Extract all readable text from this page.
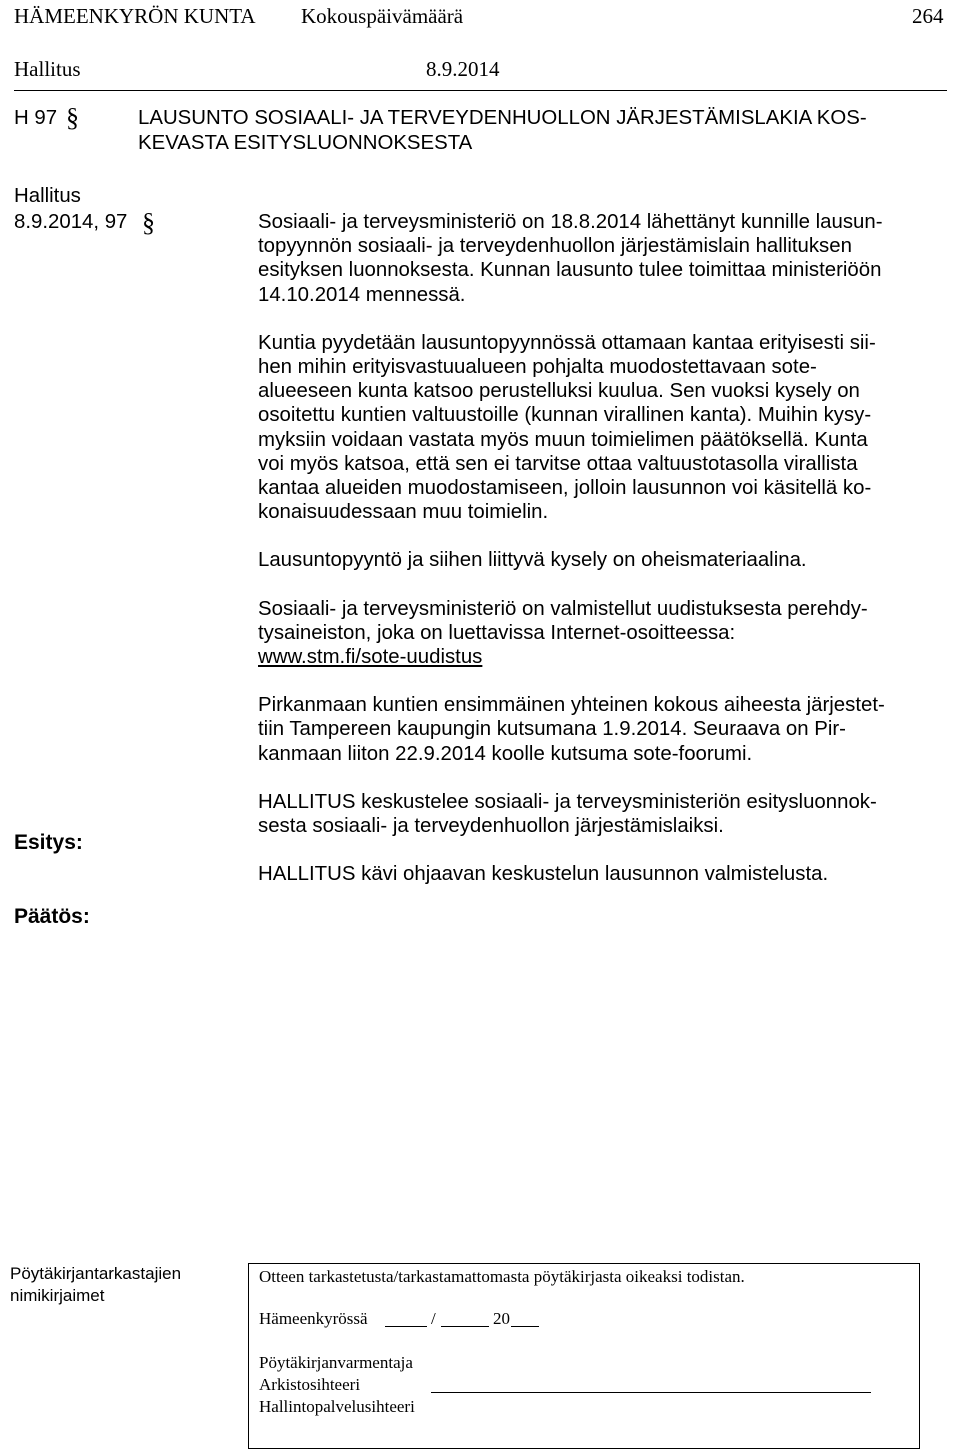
HÄMEENKYRÖN KUNTA Kokouspäivämäärä	264
Hallitus	8.9.2014
H 97 §	LAUSUNTO SOSIAALI- JA TERVEYDENHUOLLON JÄRJESTÄMISLAKIA KOS-
KEVASTA ESITYSLUONNOKSESTA
Hallitus
8.9.2014, 97 §	Sosiaali- ja terveysministeriö on 18.8.2014 lähettänyt kunnille lausun-
topyynnön sosiaali- ja terveydenhuollon järjestämislain hallituksen
esityksen luonnoksesta. Kunnan lausunto tulee toimittaa ministeriöön
14.10.2014 mennessä.

Kuntia pyydetään lausuntopyynnössä ottamaan kantaa erityisesti sii-
hen mihin erityisvastuualueen pohjalta muodostettavaan sote-
alueeseen kunta katsoo perustelluksi kuulua. Sen vuoksi kysely on
osoitettu kuntien valtuustoille (kunnan virallinen kanta). Muihin kysy-
myksiin voidaan vastata myös muun toimielimen päätöksellä. Kunta
voi myös katsoa, että sen ei tarvitse ottaa valtuustotasolla virallista
kantaa alueiden muodostamiseen, jolloin lausunnon voi käsitellä ko-
konaisuudessaan muu toimielin.

Lausuntopyyntö ja siihen liittyvä kysely on oheismateriaalina.

Sosiaali- ja terveysministeriö on valmistellut uudistuksesta perehdy-
tysaineiston, joka on luettavissa Internet-osoitteessa:
www.stm.fi/sote-uudistus

Pirkanmaan kuntien ensimmäinen yhteinen kokous aiheesta järjestet-
tiin Tampereen kaupungin kutsumana 1.9.2014. Seuraava on Pir-
kanmaan liiton 22.9.2014 koolle kutsuma sote-foorumi.

HALLITUS keskustelee sosiaali- ja terveysministeriön esitysluonnok-
sesta sosiaali- ja terveydenhuollon järjestämislaiksi.

HALLITUS kävi ohjaavan keskustelun lausunnon valmistelusta.

Esitys:
Päätös:
Pöytäkirjantarkastajien
nimikirjaimet
Otteen tarkastetusta/tarkastamattomasta pöytäkirjasta oikeaksi todistan.
Hämeenkyrössä	/	20
Pöytäkirjanvarmentaja
Arkistosihteeri
Hallintopalvelusihteeri
